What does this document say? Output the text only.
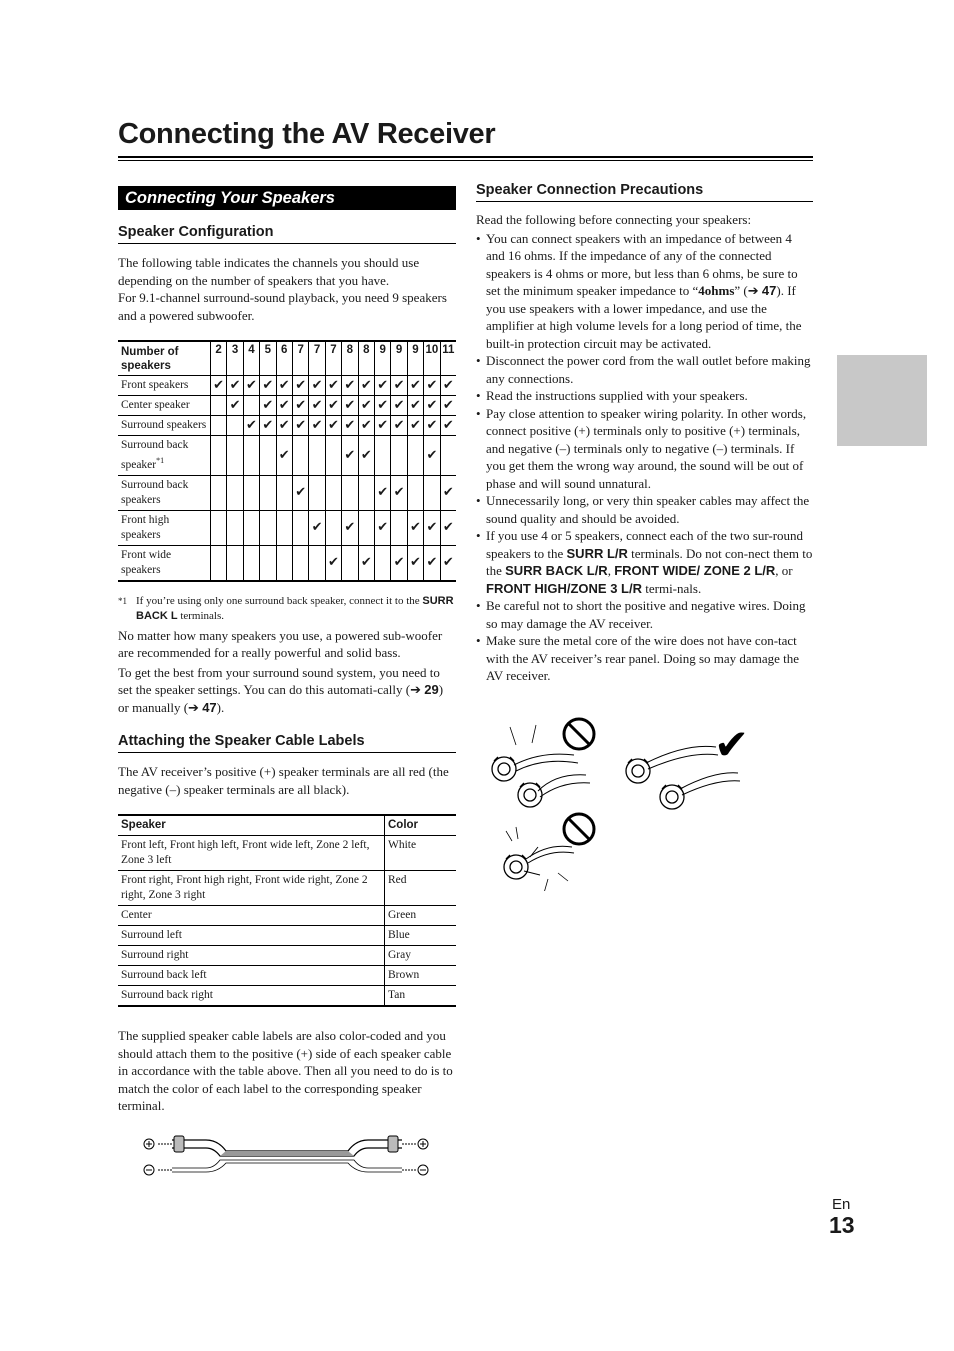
Connecting the AV Receiver
Connecting Your Speakers
Speaker Configuration

The following table indicates the channels you should use depending on the number of speakers that you have.

For 9.1-channel surround-sound playback, you need 9 speakers and a powered subwoofer.

Number of speakers	2	3	4	5	6	7	7	7	8	8	9	9	9	10	11
Front speakers	✔	✔	✔	✔	✔	✔	✔	✔	✔	✔	✔	✔	✔	✔	✔
Center speaker		✔		✔	✔	✔	✔	✔	✔	✔	✔	✔	✔	✔	✔
Surround speakers			✔	✔	✔	✔	✔	✔	✔	✔	✔	✔	✔	✔	✔
Surround back speaker$^{*1}$					✔				✔	✔				✔	
Surround back speakers						✔					✔	✔			✔
Front high speakers							✔		✔		✔		✔	✔	✔
Front wide speakers								✔		✔		✔	✔	✔	✔
*1 If you’re using only one surround back speaker, connect it to the SURR BACK L terminals.

No matter how many speakers you use, a powered sub-woofer are recommended for a really powerful and solid bass.

To get the best from your surround sound system, you need to set the speaker settings. You can do this automati-cally (➔ 29) or manually (➔ 47).

Attaching the Speaker Cable Labels

The AV receiver’s positive (+) speaker terminals are all red (the negative (–) speaker terminals are all black).

Speaker	Color
Front left, Front high left, Front wide left, Zone 2 left, Zone 3 left	White
Front right, Front high right, Front wide right, Zone 2 right, Zone 3 right	Red
Center	Green
Surround left	Blue
Surround right	Gray
Surround back left	Brown
Surround back right	Tan

The supplied speaker cable labels are also color-coded and you should attach them to the positive (+) side of each speaker cable in accordance with the table above. Then all you need to do is to match the color of each label to the corresponding speaker terminal.

Speaker Connection Precautions

Read the following before connecting your speakers:

• You can connect speakers with an impedance of between 4 and 16 ohms. If the impedance of any of the connected speakers is 4 ohms or more, but less than 6 ohms, be sure to set the minimum speaker impedance to “4ohms” (➔ 47). If you use speakers with a lower impedance, and use the amplifier at high volume levels for a long period of time, the built-in protection circuit may be activated.
• Disconnect the power cord from the wall outlet before making any connections.
• Read the instructions supplied with your speakers.
• Pay close attention to speaker wiring polarity. In other words, connect positive (+) terminals only to positive (+) terminals, and negative (–) terminals only to negative (–) terminals. If you get them the wrong way around, the sound will be out of phase and will sound unnatural.
• Unnecessarily long, or very thin speaker cables may affect the sound quality and should be avoided.
• If you use 4 or 5 speakers, connect each of the two sur-round speakers to the SURR L/R terminals. Do not con-nect them to the SURR BACK L/R, FRONT WIDE/ ZONE 2 L/R, or FRONT HIGH/ZONE 3 L/R termi-nals.
• Be careful not to short the positive and negative wires. Doing so may damage the AV receiver.
• Make sure the metal core of the wire does not have con-tact with the AV receiver’s rear panel. Doing so may damage the AV receiver.
✔
En
13
